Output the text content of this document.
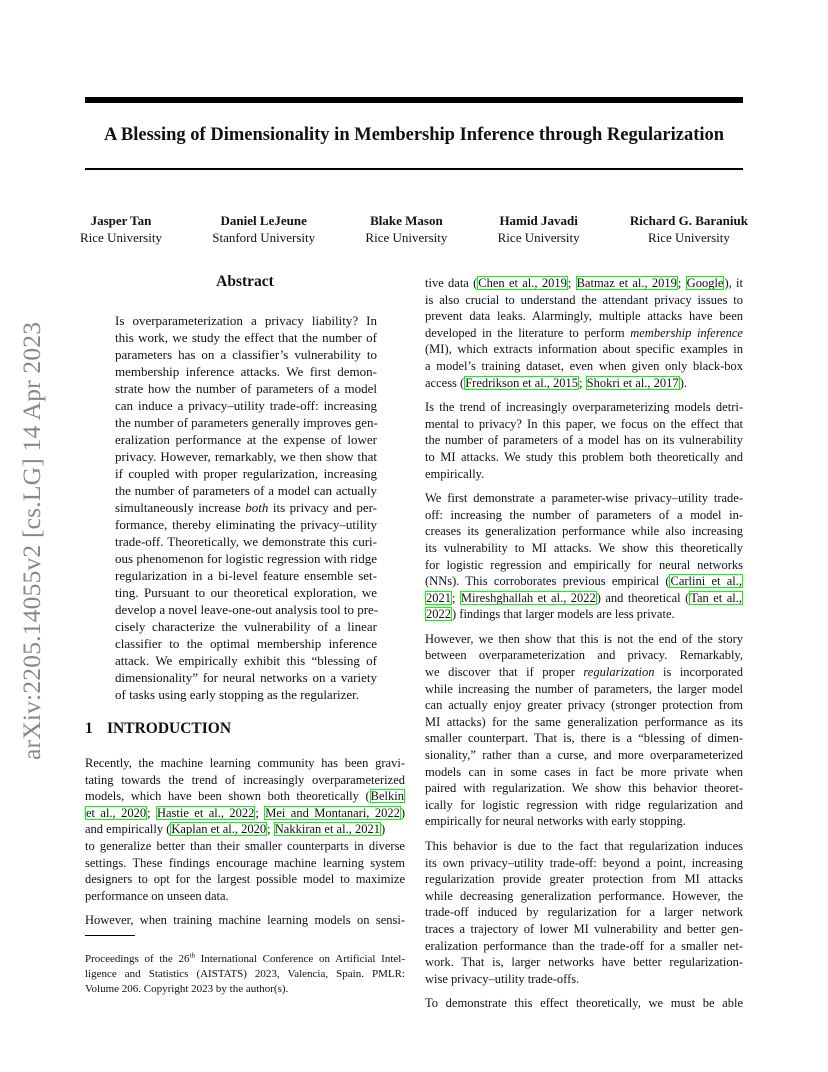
A Blessing of Dimensionality in Membership Inference through Regularization
Jasper Tan
Rice University
Daniel LeJeune
Stanford University
Blake Mason
Rice University
Hamid Javadi
Rice University
Richard G. Baraniuk
Rice University
arXiv:2205.14055v2 [cs.LG] 14 Apr 2023
Abstract
Is overparameterization a privacy liability? In
this work, we study the effect that the number of
parameters has on a classifier’s vulnerability to
membership inference attacks. We first demon-
strate how the number of parameters of a model
can induce a privacy–utility trade-off: increasing
the number of parameters generally improves gen-
eralization performance at the expense of lower
privacy. However, remarkably, we then show that
if coupled with proper regularization, increasing
the number of parameters of a model can actually
simultaneously increase both its privacy and per-
formance, thereby eliminating the privacy–utility
trade-off. Theoretically, we demonstrate this curi-
ous phenomenon for logistic regression with ridge
regularization in a bi-level feature ensemble set-
ting. Pursuant to our theoretical exploration, we
develop a novel leave-one-out analysis tool to pre-
cisely characterize the vulnerability of a linear
classifier to the optimal membership inference
attack. We empirically exhibit this “blessing of
dimensionality” for neural networks on a variety
of tasks using early stopping as the regularizer.
1 INTRODUCTION
Recently, the machine learning community has been gravi-
tating towards the trend of increasingly overparameterized
models, which have been shown both theoretically (Belkin
et al., 2020; Hastie et al., 2022; Mei and Montanari, 2022)
and empirically (Kaplan et al., 2020; Nakkiran et al., 2021)
to generalize better than their smaller counterparts in diverse
settings. These findings encourage machine learning system
designers to opt for the largest possible model to maximize
performance on unseen data.
However, when training machine learning models on sensi-
Proceedings of the 26th International Conference on Artificial Intel-
ligence and Statistics (AISTATS) 2023, Valencia, Spain. PMLR:
Volume 206. Copyright 2023 by the author(s).
tive data (Chen et al., 2019; Batmaz et al., 2019; Google), it
is also crucial to understand the attendant privacy issues to
prevent data leaks. Alarmingly, multiple attacks have been
developed in the literature to perform membership inference
(MI), which extracts information about specific examples in
a model’s training dataset, even when given only black-box
access (Fredrikson et al., 2015; Shokri et al., 2017).
Is the trend of increasingly overparameterizing models detri-
mental to privacy? In this paper, we focus on the effect that
the number of parameters of a model has on its vulnerability
to MI attacks. We study this problem both theoretically and
empirically.
We first demonstrate a parameter-wise privacy–utility trade-
off: increasing the number of parameters of a model in-
creases its generalization performance while also increasing
its vulnerability to MI attacks. We show this theoretically
for logistic regression and empirically for neural networks
(NNs). This corroborates previous empirical (Carlini et al.,
2021; Mireshghallah et al., 2022) and theoretical (Tan et al.,
2022) findings that larger models are less private.
However, we then show that this is not the end of the story
between overparameterization and privacy. Remarkably,
we discover that if proper regularization is incorporated
while increasing the number of parameters, the larger model
can actually enjoy greater privacy (stronger protection from
MI attacks) for the same generalization performance as its
smaller counterpart. That is, there is a “blessing of dimen-
sionality,” rather than a curse, and more overparameterized
models can in some cases in fact be more private when
paired with regularization. We show this behavior theoret-
ically for logistic regression with ridge regularization and
empirically for neural networks with early stopping.
This behavior is due to the fact that regularization induces
its own privacy–utility trade-off: beyond a point, increasing
regularization provide greater protection from MI attacks
while decreasing generalization performance. However, the
trade-off induced by regularization for a larger network
traces a trajectory of lower MI vulnerability and better gen-
eralization performance than the trade-off for a smaller net-
work. That is, larger networks have better regularization-
wise privacy–utility trade-offs.
To demonstrate this effect theoretically, we must be able
